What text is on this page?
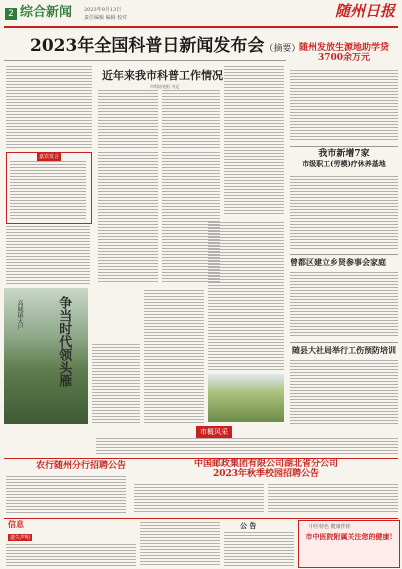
2 综合新闻 2023年9月13日
责任编辑 编辑 校对	随州日报
2023年全国科普日新闻发布会（摘要）
近年来我市科普工作情况
市科协党组 书记
嘉宾发言
争当时代领头雁
高城镇大户
随州发放生源地助学贷
3700余万元
我市新增7家
市级职工(劳模)疗休养基地
曾都区建立乡贤参事会家庭
随县大社局举行工伤预防培训
市概风采
农行随州分行招聘公告	中国邮政集团有限公司湖北省分公司
2023年秋季校园招聘公告
信息
遗失声明
公 告	中医特色 健康伴你
市中医院附属关注您的健康!
